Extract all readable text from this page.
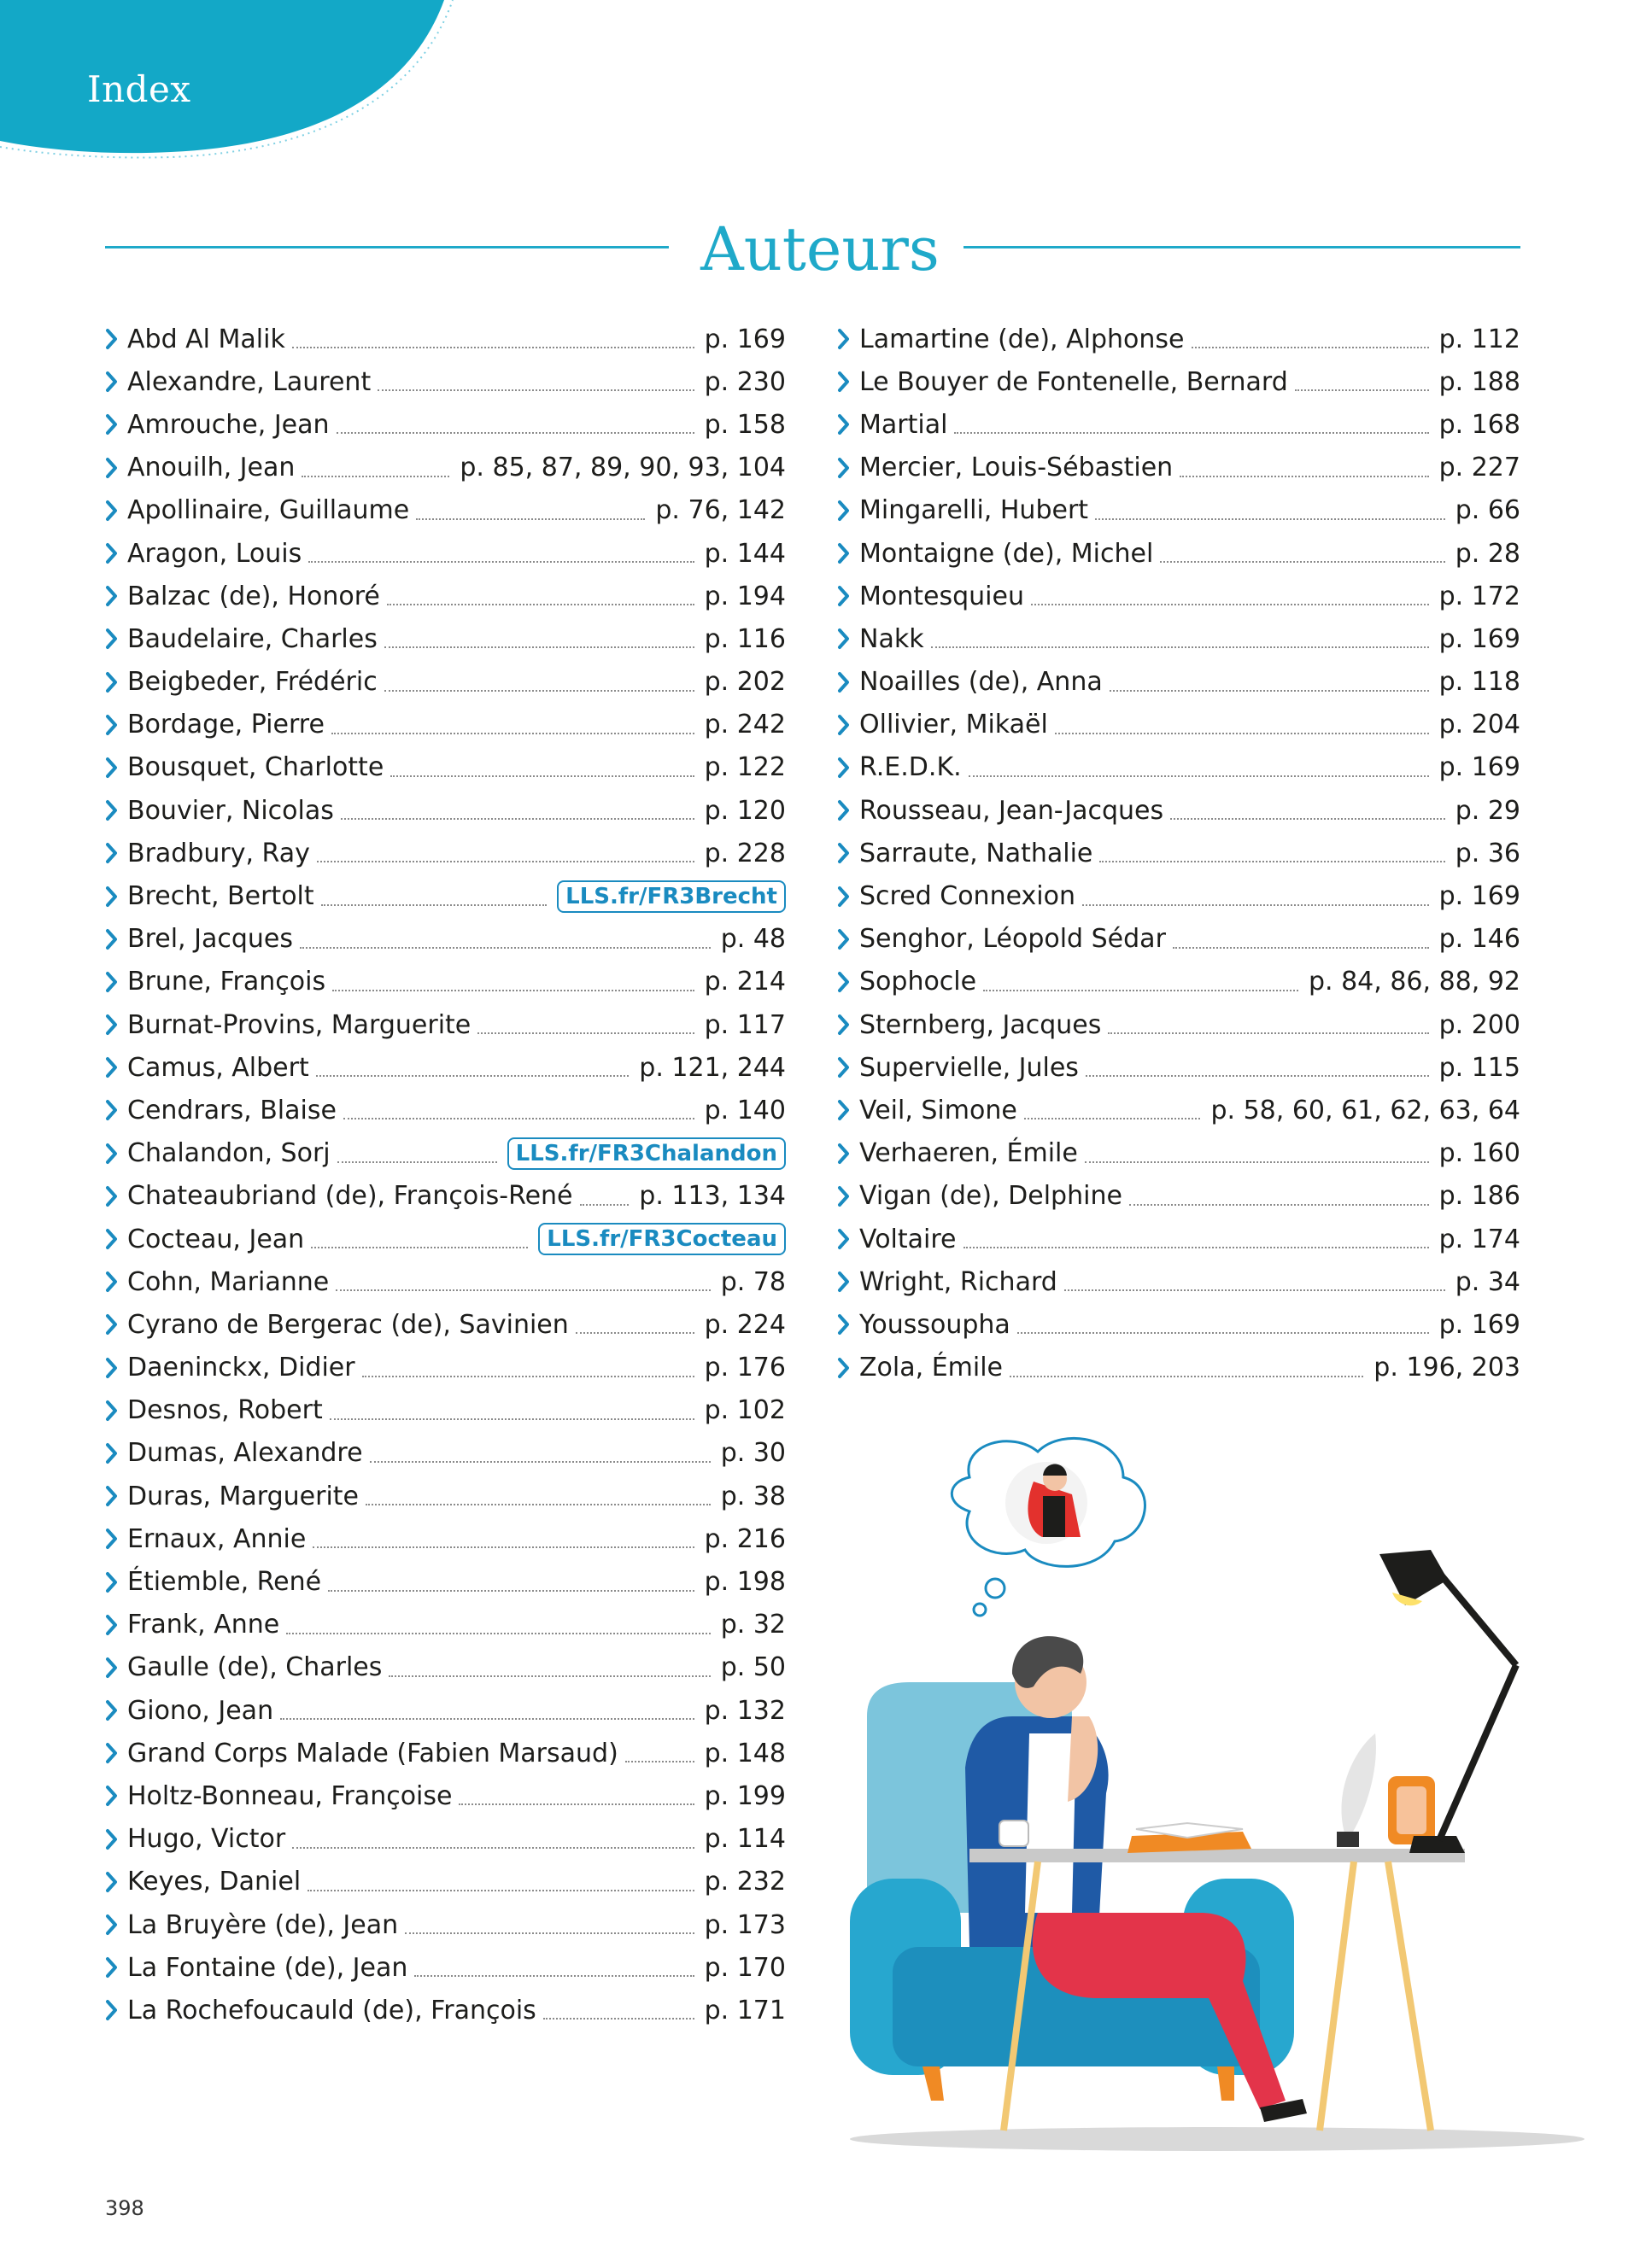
Index
Auteurs
Abd Al Malik	p. 169
Alexandre, Laurent	p. 230
Amrouche, Jean	p. 158
Anouilh, Jean	p. 85, 87, 89, 90, 93, 104
Apollinaire, Guillaume	p. 76, 142
Aragon, Louis	p. 144
Balzac (de), Honoré	p. 194
Baudelaire, Charles	p. 116
Beigbeder, Frédéric	p. 202
Bordage, Pierre	p. 242
Bousquet, Charlotte	p. 122
Bouvier, Nicolas	p. 120
Bradbury, Ray	p. 228
Brecht, Bertolt	LLS.fr/FR3Brecht
Brel, Jacques	p. 48
Brune, François	p. 214
Burnat-Provins, Marguerite	p. 117
Camus, Albert	p. 121, 244
Cendrars, Blaise	p. 140
Chalandon, Sorj	LLS.fr/FR3Chalandon
Chateaubriand (de), François-René	p. 113, 134
Cocteau, Jean	LLS.fr/FR3Cocteau
Cohn, Marianne	p. 78
Cyrano de Bergerac (de), Savinien	p. 224
Daeninckx, Didier	p. 176
Desnos, Robert	p. 102
Dumas, Alexandre	p. 30
Duras, Marguerite	p. 38
Ernaux, Annie	p. 216
Étiemble, René	p. 198
Frank, Anne	p. 32
Gaulle (de), Charles	p. 50
Giono, Jean	p. 132
Grand Corps Malade (Fabien Marsaud)	p. 148
Holtz-Bonneau, Françoise	p. 199
Hugo, Victor	p. 114
Keyes, Daniel	p. 232
La Bruyère (de), Jean	p. 173
La Fontaine (de), Jean	p. 170
La Rochefoucauld (de), François	p. 171
Lamartine (de), Alphonse	p. 112
Le Bouyer de Fontenelle, Bernard	p. 188
Martial	p. 168
Mercier, Louis-Sébastien	p. 227
Mingarelli, Hubert	p. 66
Montaigne (de), Michel	p. 28
Montesquieu	p. 172
Nakk	p. 169
Noailles (de), Anna	p. 118
Ollivier, Mikaël	p. 204
R.E.D.K.	p. 169
Rousseau, Jean-Jacques	p. 29
Sarraute, Nathalie	p. 36
Scred Connexion	p. 169
Senghor, Léopold Sédar	p. 146
Sophocle	p. 84, 86, 88, 92
Sternberg, Jacques	p. 200
Supervielle, Jules	p. 115
Veil, Simone	p. 58, 60, 61, 62, 63, 64
Verhaeren, Émile	p. 160
Vigan (de), Delphine	p. 186
Voltaire	p. 174
Wright, Richard	p. 34
Youssoupha	p. 169
Zola, Émile	p. 196, 203
398
